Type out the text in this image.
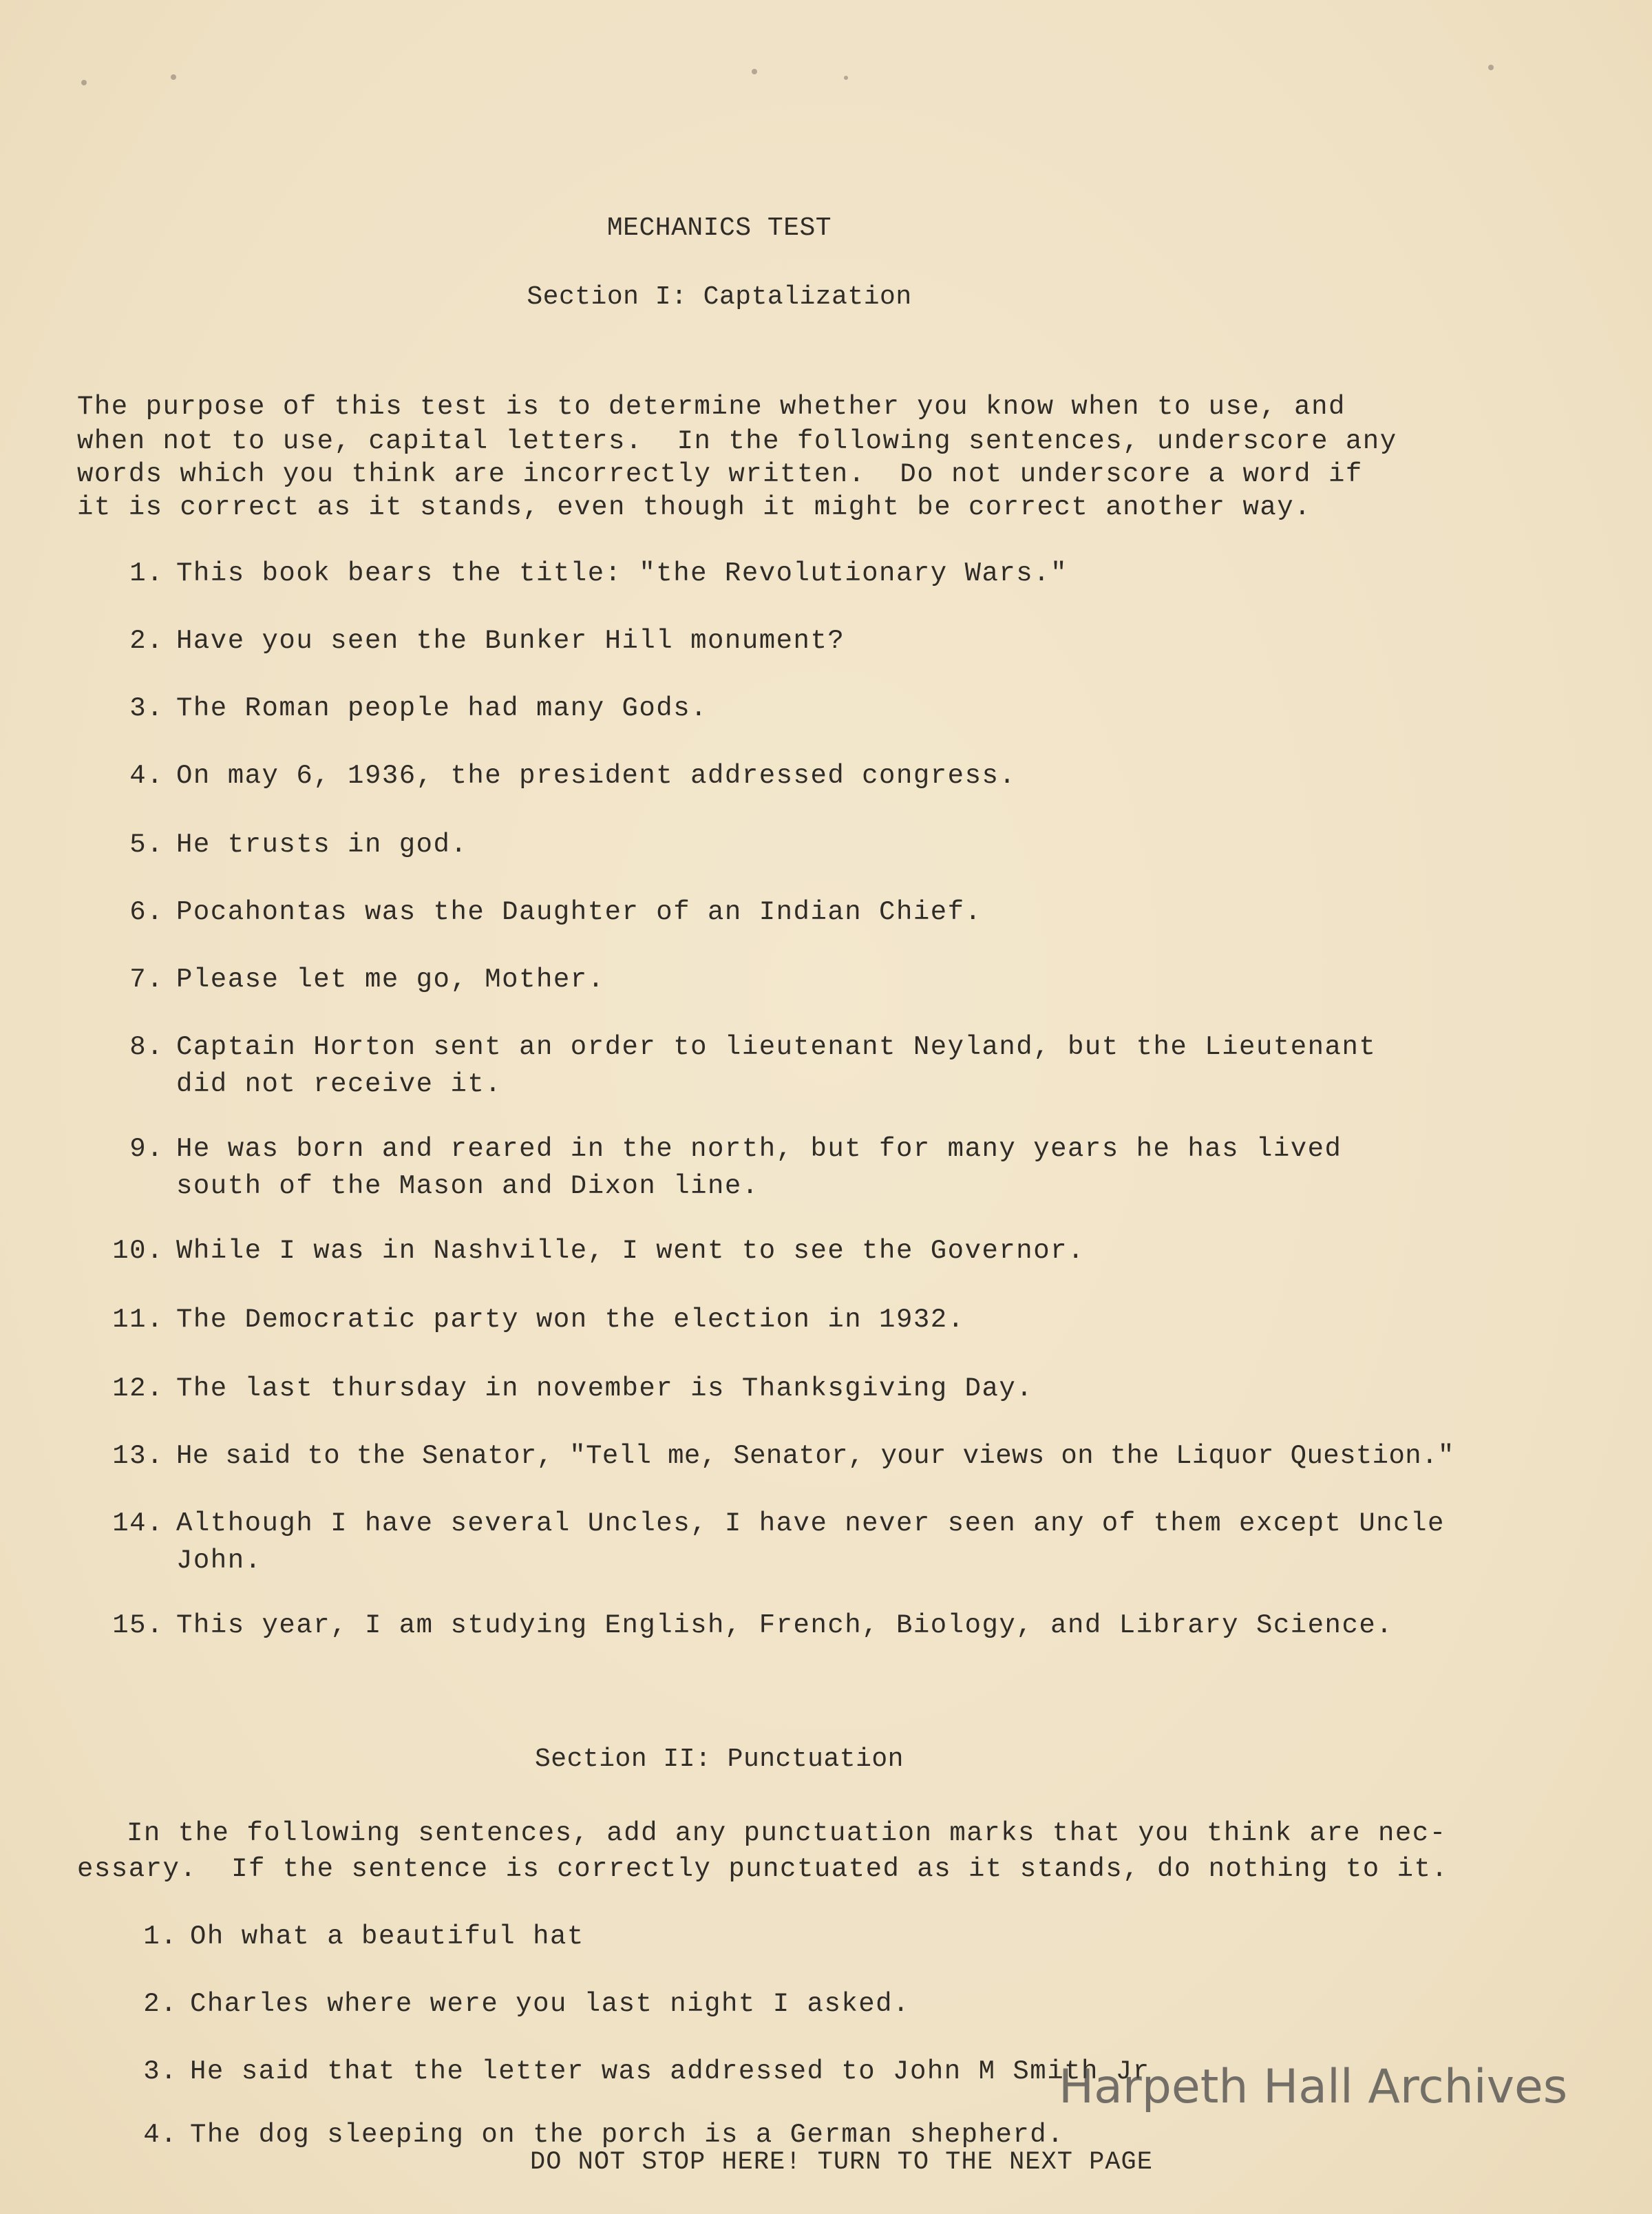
MECHANICS TEST
Section I: Captalization
The purpose of this test is to determine whether you know when to use, and
when not to use, capital letters.  In the following sentences, underscore any
words which you think are incorrectly written.  Do not underscore a word if
it is correct as it stands, even though it might be correct another way.
1. This book bears the title: "the Revolutionary Wars."
2. Have you seen the Bunker Hill monument?
3. The Roman people had many Gods.
4. On may 6, 1936, the president addressed congress.
5. He trusts in god.
6. Pocahontas was the Daughter of an Indian Chief.
7. Please let me go, Mother.
8. Captain Horton sent an order to lieutenant Neyland, but the Lieutenant
did not receive it.
9. He was born and reared in the north, but for many years he has lived
south of the Mason and Dixon line.
10. While I was in Nashville, I went to see the Governor.
11. The Democratic party won the election in 1932.
12. The last thursday in november is Thanksgiving Day.
13. He said to the Senator, "Tell me, Senator, your views on the Liquor Question."
14. Although I have several Uncles, I have never seen any of them except Uncle
John.
15. This year, I am studying English, French, Biology, and Library Science.
Section II: Punctuation
In the following sentences, add any punctuation marks that you think are nec-
essary.  If the sentence is correctly punctuated as it stands, do nothing to it.
1. Oh what a beautiful hat
2. Charles where were you last night I asked.
3. He said that the letter was addressed to John M Smith Jr
4. The dog sleeping on the porch is a German shepherd.
DO NOT STOP HERE! TURN TO THE NEXT PAGE
Harpeth Hall Archives
